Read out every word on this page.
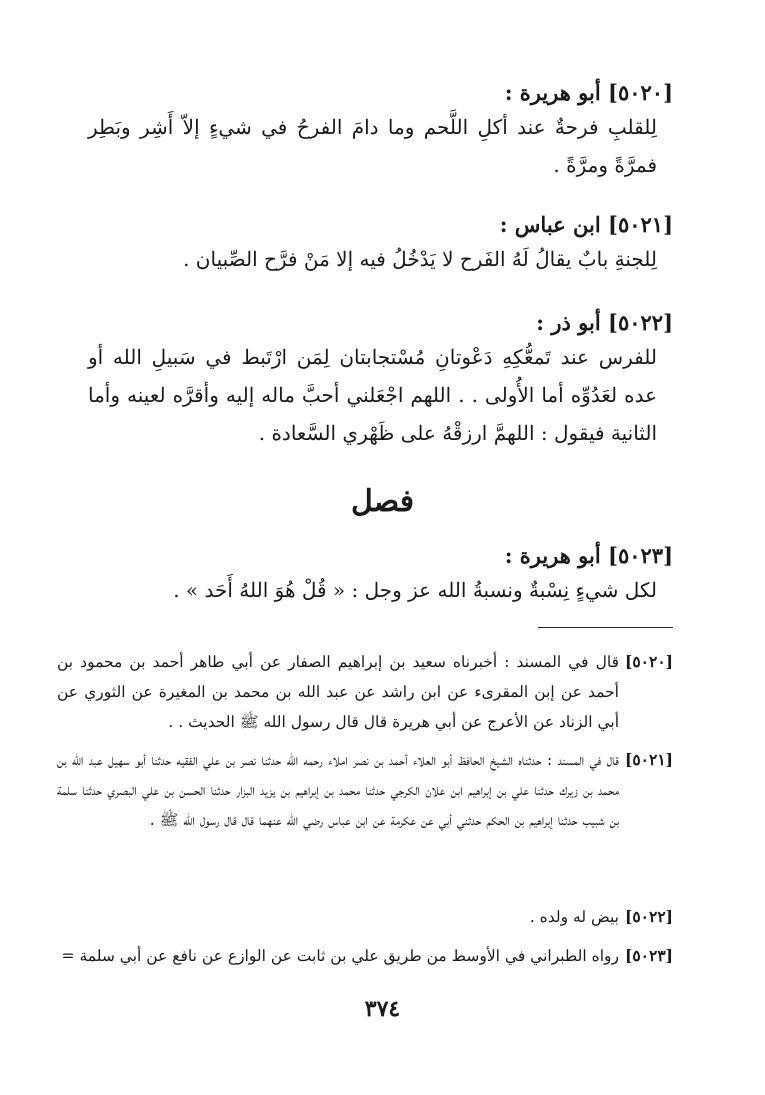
[٥٠٢٠] أبو هريرة :
لِلقلبِ فرحةٌ عند أكلِ اللَّحم وما دامَ الفرحُ في شيءٍ إلاّ أَشِر وبَطِر فمرَّةً ومرَّةً .
[٥٠٢١] ابن عباس :
لِلجنةِ بابٌ يقالُ لَهُ الفَرح لا يَدْخُلُ فيه إلا مَنْ فرَّح الصِّبيان .
[٥٠٢٢] أبو ذر :
للفرس عند تَمعُّكِهِ دَعْوتانِ مُسْتجابتان لِمَن ارْتَبط في سَبيلِ الله أو عده لعَدُوِّه أما الأُولى . . اللهم اجْعَلني أحبَّ ماله إليه وأقرَّه لعينه وأما الثانية فيقول : اللهمَّ ارزقْهُ على ظَهْري السَّعادة .
فصل
[٥٠٢٣] أبو هريرة :
لكل شيءٍ نِسْبةٌ ونسبةُ الله عز وجل : « قُلْ هُوَ اللهُ أَحَد » .
[٥٠٢٠]
قال في المسند : أخبرناه سعيد بن إبراهيم الصفار عن أبي طاهر أحمد بن محمود بن أحمد عن إبن المقرىء عن ابن راشد عن عبد الله بن محمد بن المغيرة عن الثوري عن أبي الزناد عن الأعرج عن أبي هريرة قال قال رسول الله ﷺ الحديث . .
[٥٠٢١]
قال في المسند : حدثناه الشيخ الحافظ أبو العلاء أحمد بن نصر املاء رحمه الله حدثنا نصر بن علي الفقيه حدثنا أبو سهيل عبد الله بن محمد بن زيرك حدثنا علي بن إبراهيم ابن علان الكرجي حدثنا محمد بن إبراهيم بن يزيد البزار حدثنا الحسن بن علي البصري حدثنا سلمة بن شبيب حدثنا إبراهيم بن الحكم حدثني أبي عن عكرمة عن ابن عباس رضي الله عنهما قال قال رسول الله ﷺ .
[٥٠٢٢]
بيض له ولده .
[٥٠٢٣]
رواه الطبراني في الأوسط من طريق علي بن ثابت عن الوازع عن نافع عن أبي سلمة =
٣٧٤
